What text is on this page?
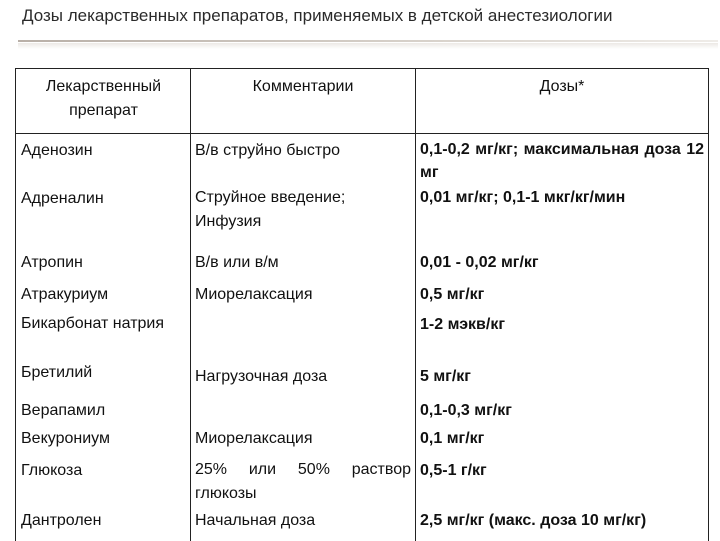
Дозы лекарственных препаратов, применяемых в детской анестезиологии
Лекарственный препарат	Комментарии	Дозы*
Аденозин	В/в струйно быстро	0,1-0,2 мг/кг; максимальная доза 12 мг
Адреналин	Струйное введение; Инфузия	0,01 мг/кг; 0,1-1 мкг/кг/мин
Атропин	В/в или в/м	0,01 - 0,02 мг/кг
Атракуриум	Миорелаксация	0,5 мг/кг
Бикарбонат натрия		1-2 мэкв/кг
Бретилий	Нагрузочная доза	5 мг/кг
Верапамил		0,1-0,3 мг/кг
Векурониум	Миорелаксация	0,1 мг/кг
Глюкоза	25% или 50% раствор глюкозы	0,5-1 г/кг
Дантролен	Начальная доза	2,5 мг/кг (макс. доза 10 мг/кг)
